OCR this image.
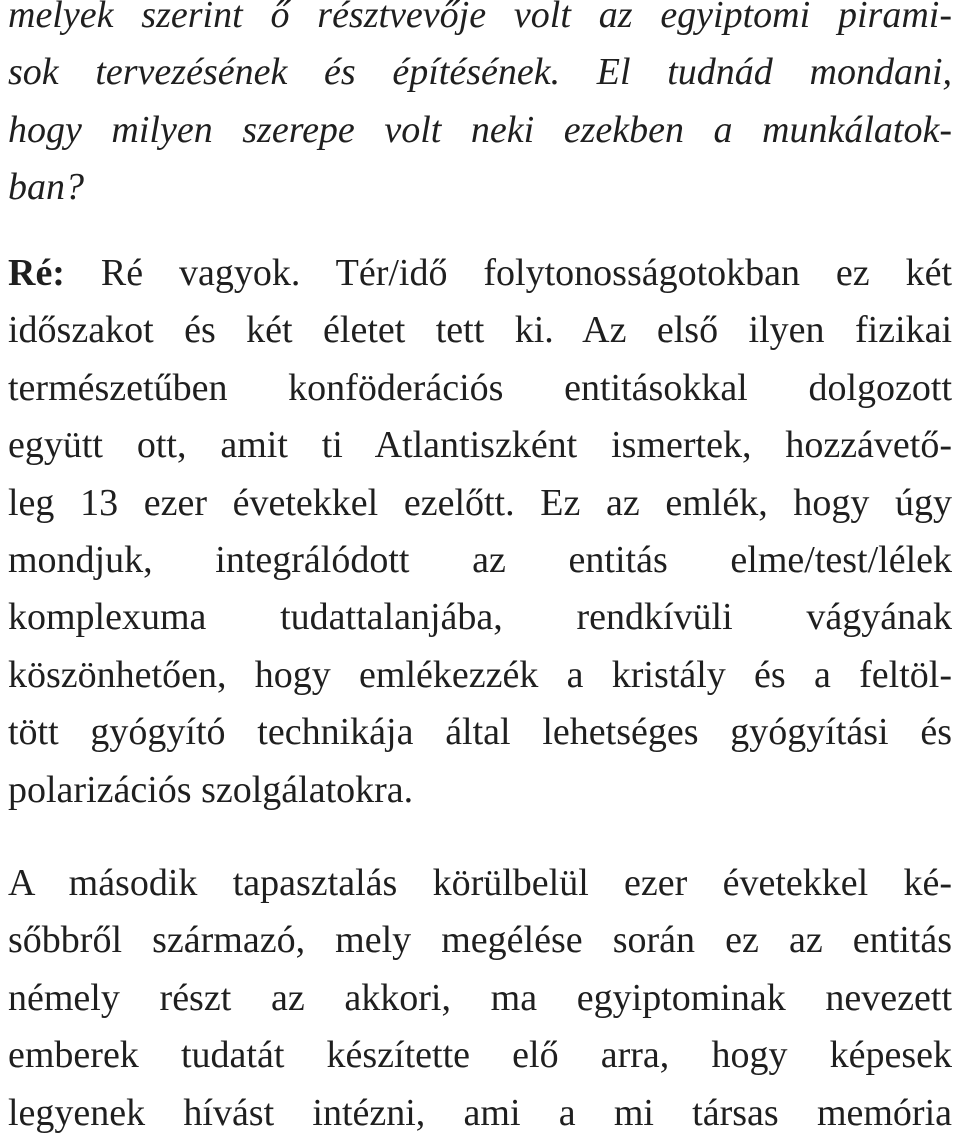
melyek szerint ő résztvevője volt az egyiptomi pirami-
sok tervezésének és építésének. El tudnád mondani,
hogy milyen szerepe volt neki ezekben a munkálatok-
ban?
Ré: Ré vagyok. Tér/idő folytonosságotokban ez két
időszakot és két életet tett ki. Az első ilyen fizikai
természetűben konföderációs entitásokkal dolgozott
együtt ott, amit ti Atlantiszként ismertek, hozzávető-
leg 13 ezer évetekkel ezelőtt. Ez az emlék, hogy úgy
mondjuk, integrálódott az entitás elme/test/lélek
komplexuma tudattalanjába, rendkívüli vágyának
köszönhetően, hogy emlékezzék a kristály és a feltöl-
tött gyógyító technikája által lehetséges gyógyítási és
polarizációs szolgálatokra.
A második tapasztalás körülbelül ezer évetekkel ké-
sőbbről származó, mely megélése során ez az entitás
némely részt az akkori, ma egyiptominak nevezett
emberek tudatát készítette elő arra, hogy képesek
legyenek hívást intézni, ami a mi társas memória
